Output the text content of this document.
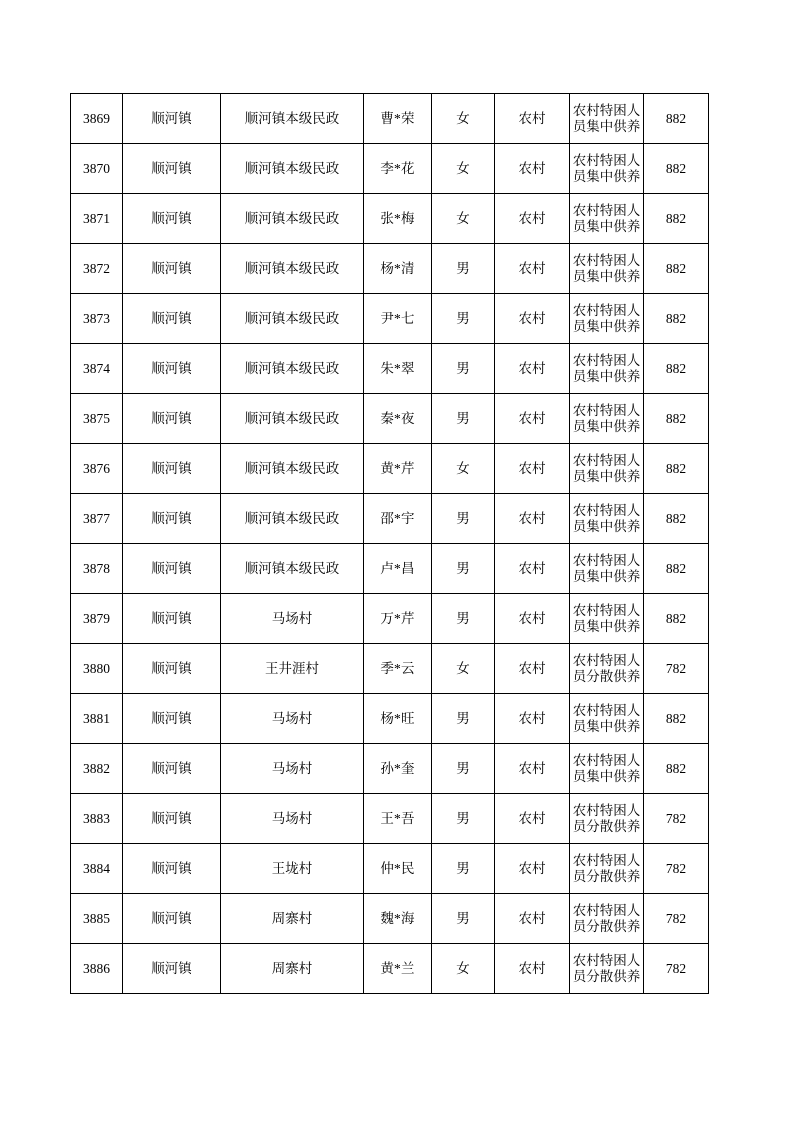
3869	顺河镇	顺河镇本级民政	曹*荣	女	农村	农村特困人员集中供养	882
3870	顺河镇	顺河镇本级民政	李*花	女	农村	农村特困人员集中供养	882
3871	顺河镇	顺河镇本级民政	张*梅	女	农村	农村特困人员集中供养	882
3872	顺河镇	顺河镇本级民政	杨*清	男	农村	农村特困人员集中供养	882
3873	顺河镇	顺河镇本级民政	尹*七	男	农村	农村特困人员集中供养	882
3874	顺河镇	顺河镇本级民政	朱*翠	男	农村	农村特困人员集中供养	882
3875	顺河镇	顺河镇本级民政	秦*夜	男	农村	农村特困人员集中供养	882
3876	顺河镇	顺河镇本级民政	黄*芹	女	农村	农村特困人员集中供养	882
3877	顺河镇	顺河镇本级民政	邵*宇	男	农村	农村特困人员集中供养	882
3878	顺河镇	顺河镇本级民政	卢*昌	男	农村	农村特困人员集中供养	882
3879	顺河镇	马场村	万*芹	男	农村	农村特困人员集中供养	882
3880	顺河镇	王井涯村	季*云	女	农村	农村特困人员分散供养	782
3881	顺河镇	马场村	杨*旺	男	农村	农村特困人员集中供养	882
3882	顺河镇	马场村	孙*奎	男	农村	农村特困人员集中供养	882
3883	顺河镇	马场村	王*吾	男	农村	农村特困人员分散供养	782
3884	顺河镇	王垅村	仲*民	男	农村	农村特困人员分散供养	782
3885	顺河镇	周寨村	魏*海	男	农村	农村特困人员分散供养	782
3886	顺河镇	周寨村	黄*兰	女	农村	农村特困人员分散供养	782
